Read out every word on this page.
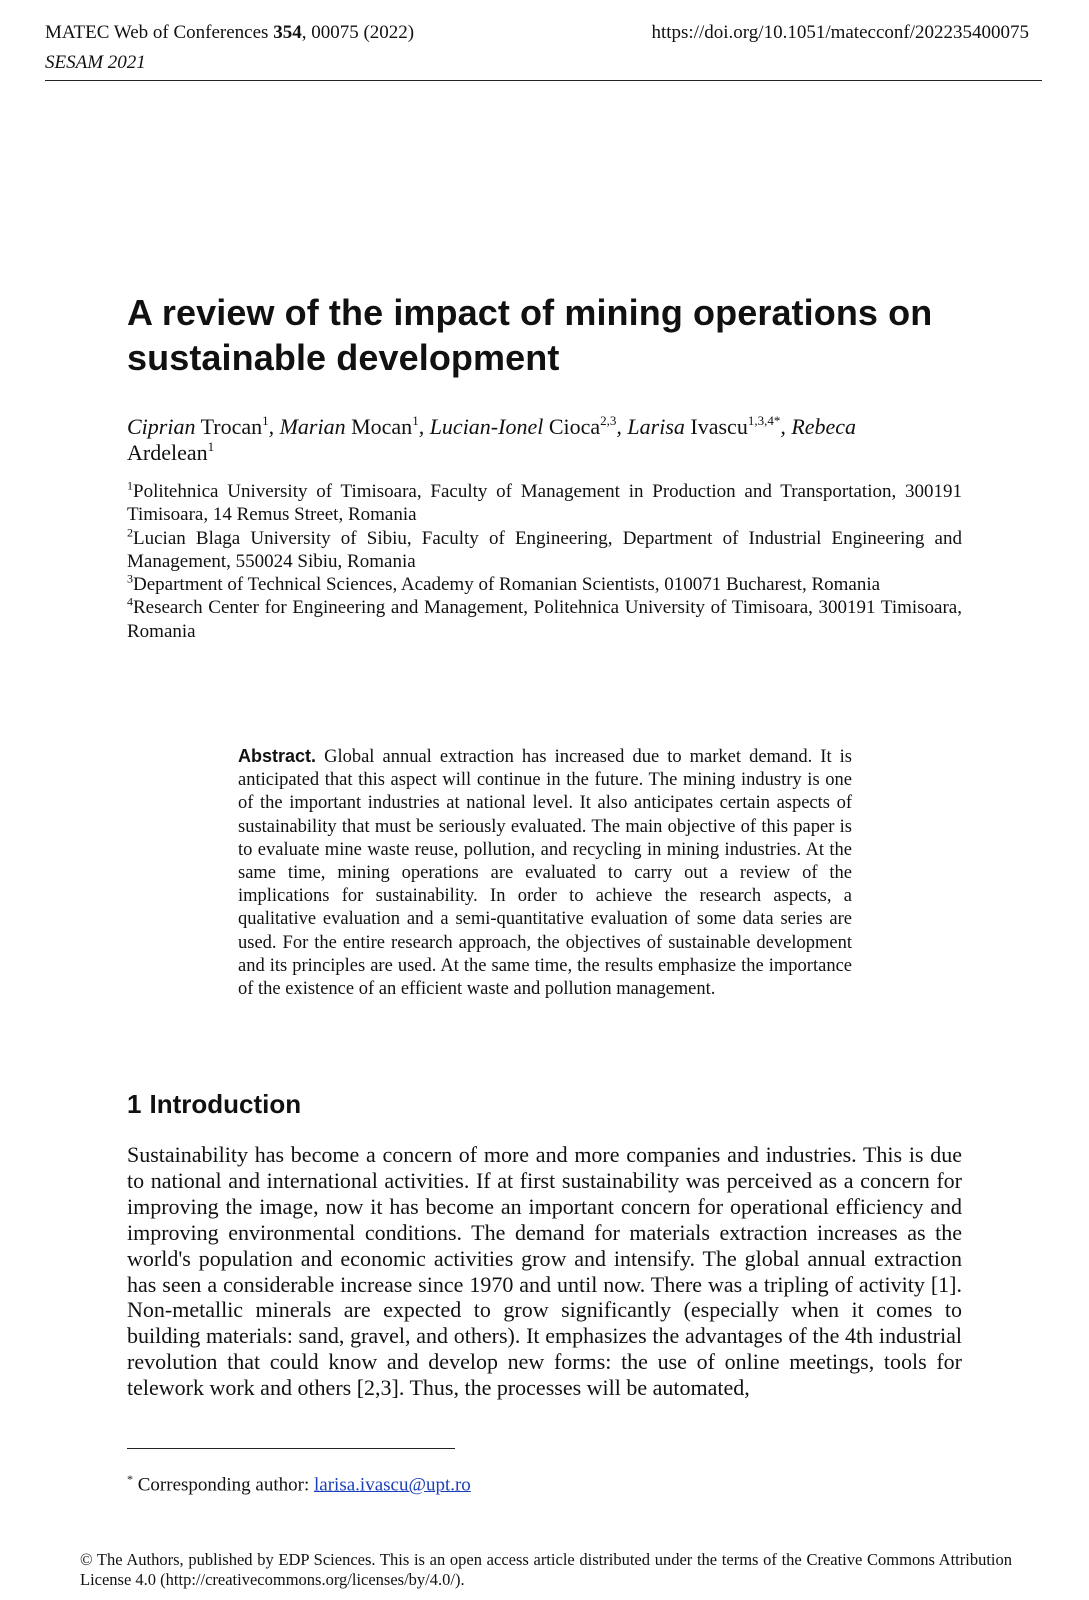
MATEC Web of Conferences 354, 00075 (2022)
SESAM 2021
https://doi.org/10.1051/matecconf/202235400075
A review of the impact of mining operations on sustainable development
Ciprian Trocan$^1$, Marian Mocan$^1$, Lucian-Ionel Cioca$^{2,3}$, Larisa Ivascu$^{1,3,4*}$, Rebeca
Ardelean$^1$

$^1$Politehnica University of Timisoara, Faculty of Management in Production and Transportation, 300191 Timisoara, 14 Remus Street, Romania

$^2$Lucian Blaga University of Sibiu, Faculty of Engineering, Department of Industrial Engineering and Management, 550024 Sibiu, Romania

$^3$Department of Technical Sciences, Academy of Romanian Scientists, 010071 Bucharest, Romania

$^4$Research Center for Engineering and Management, Politehnica University of Timisoara, 300191 Timisoara, Romania

Abstract. Global annual extraction has increased due to market demand. It is anticipated that this aspect will continue in the future. The mining industry is one of the important industries at national level. It also anticipates certain aspects of sustainability that must be seriously evaluated. The main objective of this paper is to evaluate mine waste reuse, pollution, and recycling in mining industries. At the same time, mining operations are evaluated to carry out a review of the implications for sustainability. In order to achieve the research aspects, a qualitative evaluation and a semi-quantitative evaluation of some data series are used. For the entire research approach, the objectives of sustainable development and its principles are used. At the same time, the results emphasize the importance of the existence of an efficient waste and pollution management.
1 Introduction
Sustainability has become a concern of more and more companies and industries. This is due to national and international activities. If at first sustainability was perceived as a concern for improving the image, now it has become an important concern for operational efficiency and improving environmental conditions. The demand for materials extraction increases as the world's population and economic activities grow and intensify. The global annual extraction has seen a considerable increase since 1970 and until now. There was a tripling of activity [1]. Non-metallic minerals are expected to grow significantly (especially when it comes to building materials: sand, gravel, and others). It emphasizes the advantages of the 4th industrial revolution that could know and develop new forms: the use of online meetings, tools for telework work and others [2,3]. Thus, the processes will be automated,
* Corresponding author: larisa.ivascu@upt.ro
© The Authors, published by EDP Sciences. This is an open access article distributed under the terms of the Creative Commons Attribution License 4.0 (http://creativecommons.org/licenses/by/4.0/).
